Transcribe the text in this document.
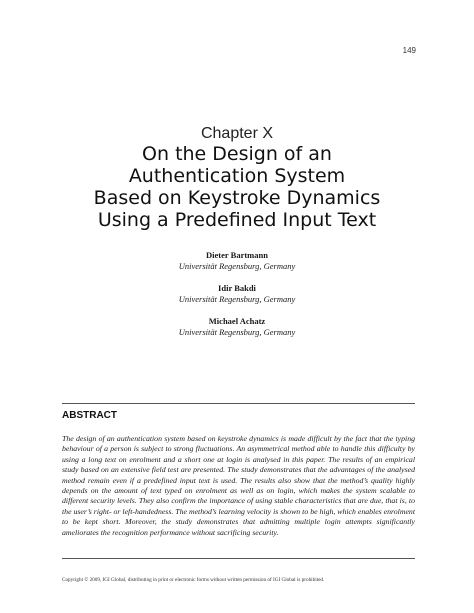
149
Chapter X
On the Design of an
Authentication System
Based on Keystroke Dynamics
Using a Predefined Input Text
Dieter Bartmann
Universität Regensburg, Germany
Idir Bakdi
Universität Regensburg, Germany
Michael Achatz
Universität Regensburg, Germany
ABSTRACT
The design of an authentication system based on keystroke dynamics is made difficult by the fact that the typing behaviour of a person is subject to strong fluctuations. An asymmetrical method able to handle this difficulty by using a long text on enrolment and a short one at login is analysed in this paper. The results of an empirical study based on an extensive field test are presented. The study demonstrates that the advantages of the analysed method remain even if a predefined input text is used. The results also show that the method’s quality highly depends on the amount of text typed on enrolment as well as on login, which makes the system scalable to different security levels. They also confirm the importance of using stable characteristics that are due, that is, to the user’s right- or left-handedness. The method’s learning velocity is shown to be high, which enables enrolment to be kept short. Moreover, the study demonstrates that admitting multiple login attempts significantly ameliorates the recognition performance without sacrificing security.
Copyright © 2009, IGI Global, distributing in print or electronic forms without written permission of IGI Global is prohibited.
